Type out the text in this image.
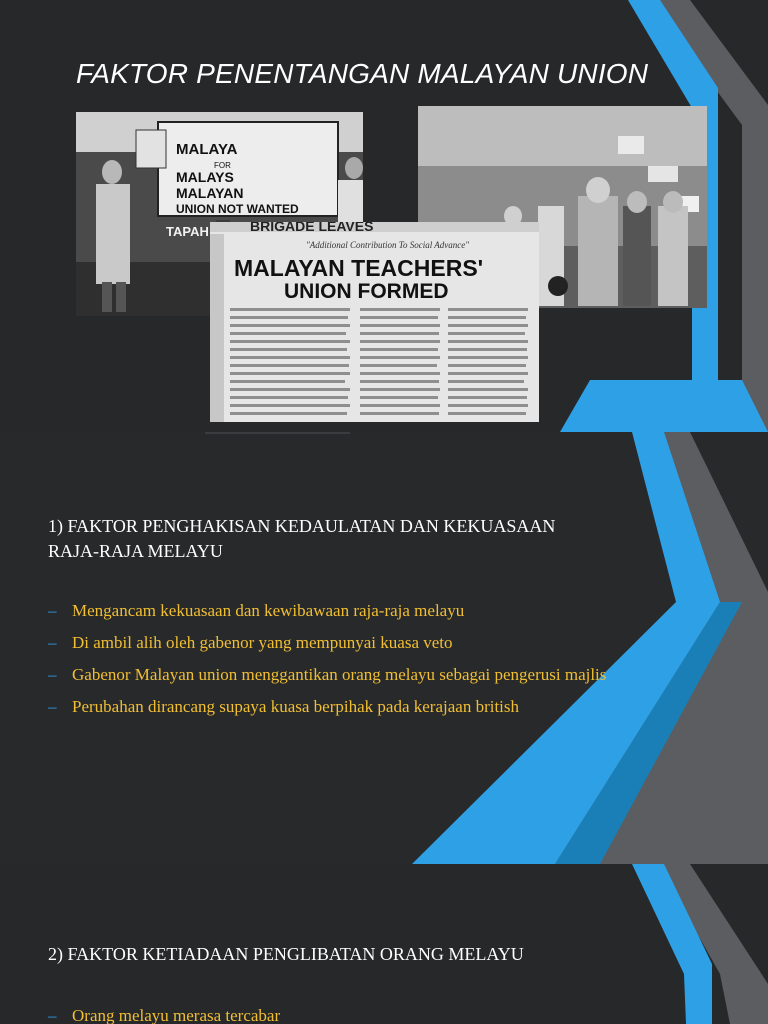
FAKTOR PENENTANGAN MALAYAN UNION
MALAYA
FOR
MALAYS
MALAYAN
UNION NOT WANTED
TAPAH	BRIGADE LEAVES
"Additional Contribution To Social Advance"
MALAYAN TEACHERS'
UNION FORMED

1) FAKTOR PENGHAKISAN KEDAULATAN DAN KEKUASAAN RAJA-RAJA MELAYU

– Mengancam kekuasaan dan kewibawaan raja-raja melayu
– Di ambil alih oleh gabenor yang mempunyai kuasa veto
– Gabenor Malayan union menggantikan orang melayu sebagai pengerusi majlis
– Perubahan dirancang supaya kuasa berpihak pada kerajaan british

2) FAKTOR KETIADAAN PENGLIBATAN ORANG MELAYU

– Orang melayu merasa tercabar
